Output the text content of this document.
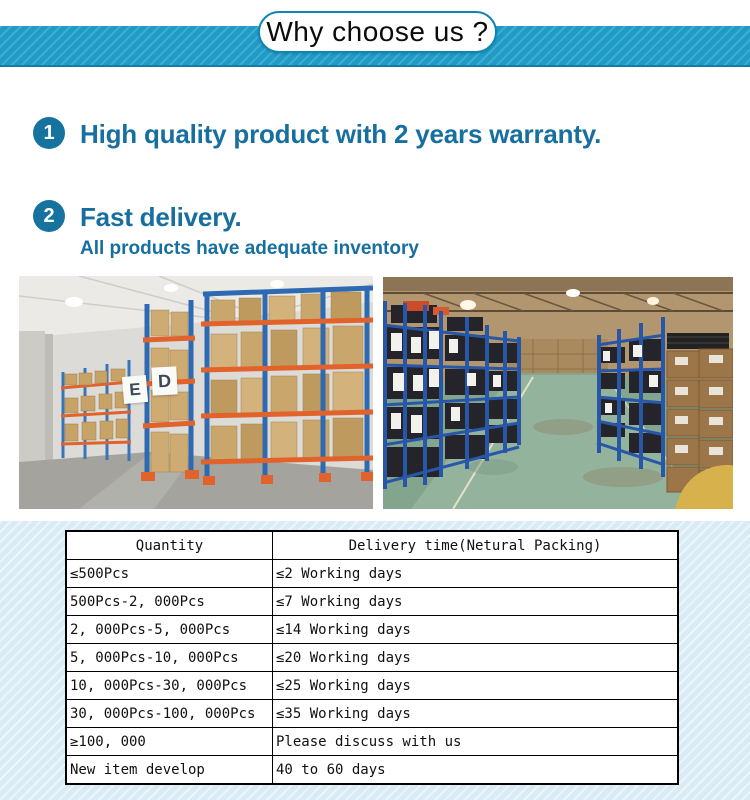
Why choose us ?
1 High quality product with 2 years warranty.
2 Fast delivery.
All products have adequate inventory
E D
Quantity	Delivery time(Netural Packing)
≤500Pcs	≤2 Working days
500Pcs-2, 000Pcs	≤7 Working days
2, 000Pcs-5, 000Pcs	≤14 Working days
5, 000Pcs-10, 000Pcs	≤20 Working days
10, 000Pcs-30, 000Pcs	≤25 Working days
30, 000Pcs-100, 000Pcs	≤35 Working days
≥100, 000	Please discuss with us
New item develop	40 to 60 days
